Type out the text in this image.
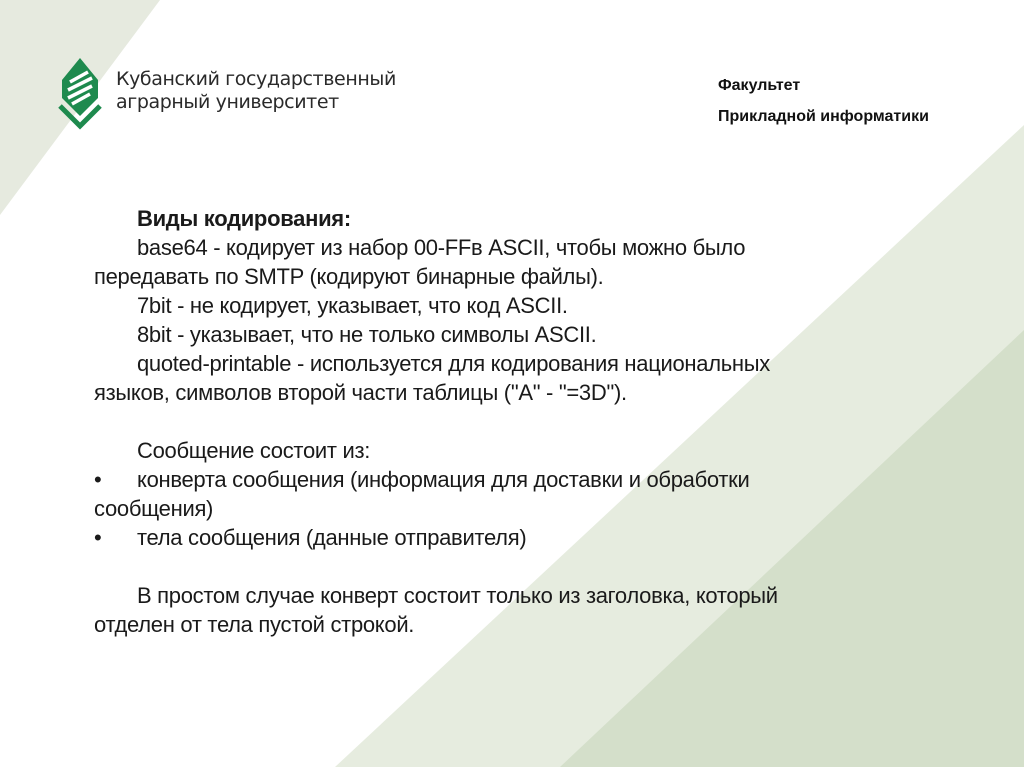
Кубанский государственный
аграрный университет
Факультет
Прикладной информатики
Виды кодирования:
base64 - кодирует из набор 00-FFв ASCII, чтобы можно было
передавать по SMTP (кодируют бинарные файлы).
7bit - не кодирует, указывает, что код ASCII.
8bit - указывает, что не только символы ASCII.
quoted-printable - используется для кодирования национальных
языков, символов второй части таблицы ("A" - "=3D").
Сообщение состоит из:
• конверта сообщения (информация для доставки и обработки
сообщения)
• тела сообщения (данные отправителя)
В простом случае конверт состоит только из заголовка, который
отделен от тела пустой строкой.
